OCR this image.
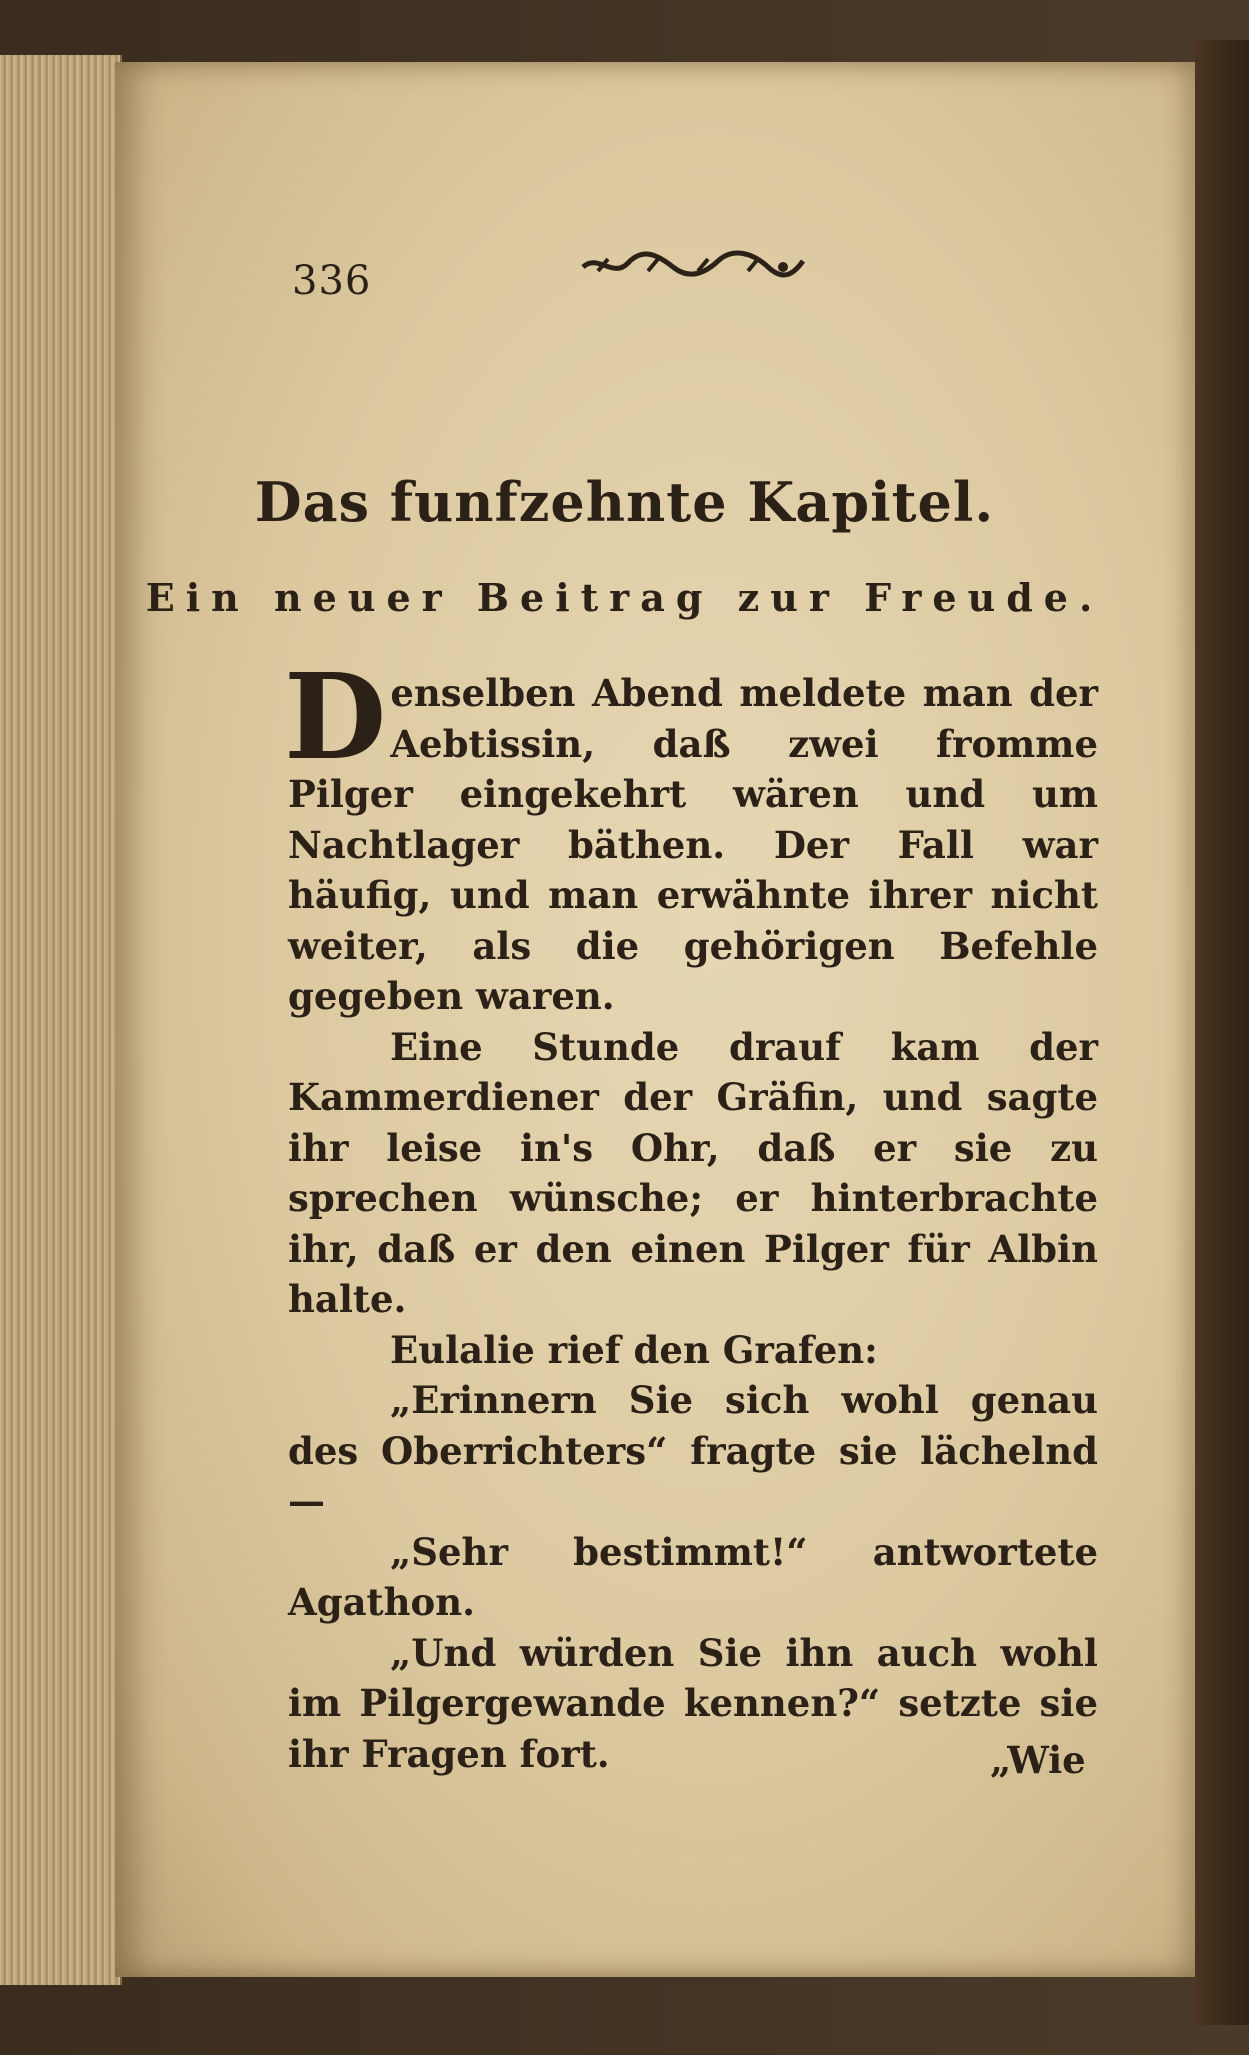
336
Das funfzehnte Kapitel.
Ein neuer Beitrag zur Freude.

Denselben Abend meldete man der Aebtissin, daß zwei fromme Pilger eingekehrt wären und um Nachtlager bäthen. Der Fall war häufig, und man erwähnte ihrer nicht weiter, als die gehörigen Befehle gegeben waren.

Eine Stunde drauf kam der Kammerdiener der Gräfin, und sagte ihr leise in's Ohr, daß er sie zu sprechen wünsche; er hinterbrachte ihr, daß er den einen Pilger für Albin halte.

Eulalie rief den Grafen:

„Erinnern Sie sich wohl genau des Oberrichters“ fragte sie lächelnd —

„Sehr bestimmt!“ antwortete Agathon.

„Und würden Sie ihn auch wohl im Pilgergewande kennen?“ setzte sie ihr Fragen fort.	„Wie
